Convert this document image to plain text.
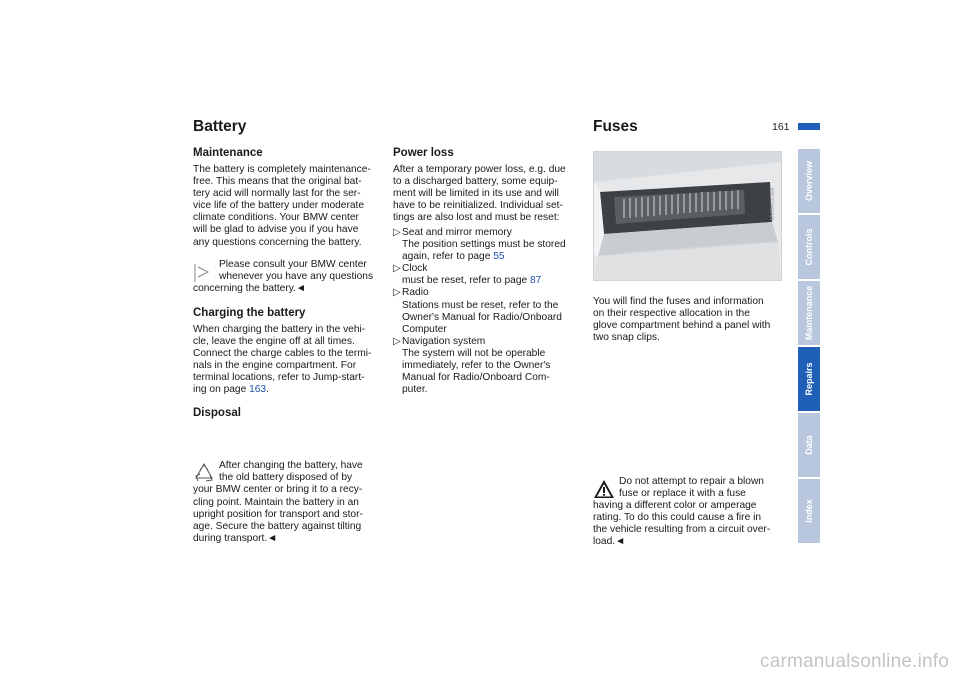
Battery
Maintenance

The battery is completely maintenance-

free. This means that the original bat-

tery acid will normally last for the ser-

vice life of the battery under moderate

climate conditions. Your BMW center

will be glad to advise you if you have

any questions concerning the battery.

Please consult your BMW center

whenever you have any questions

concerning the battery.◄

Charging the battery

When charging the battery in the vehi-

cle, leave the engine off at all times.

Connect the charge cables to the termi-

nals in the engine compartment. For

terminal locations, refer to Jump-start-

ing on page 163.

Disposal

After changing the battery, have

the old battery disposed of by

your BMW center or bring it to a recy-

cling point. Maintain the battery in an

upright position for transport and stor-

age. Secure the battery against tilting

during transport.◄

Power loss

After a temporary power loss, e.g. due

to a discharged battery, some equip-

ment will be limited in its use and will

have to be reinitialized. Individual set-

tings are also lost and must be reset:

▷ Seat and mirror memory

The position settings must be stored

again, refer to page 55

▷ Clock

must be reset, refer to page 87

▷ Radio

Stations must be reset, refer to the

Owner's Manual for Radio/Onboard

Computer

▷ Navigation system

The system will not be operable

immediately, refer to the Owner's

Manual for Radio/Onboard Com-

puter.

Fuses	161
MV08401CMA

You will find the fuses and information

on their respective allocation in the

glove compartment behind a panel with

two snap clips.

Do not attempt to repair a blown

fuse or replace it with a fuse

having a different color or amperage

rating. To do this could cause a fire in

the vehicle resulting from a circuit over-

load.◄

Overview
Controls
Maintenance
Repairs
Data
Index
carmanualsonline.info
